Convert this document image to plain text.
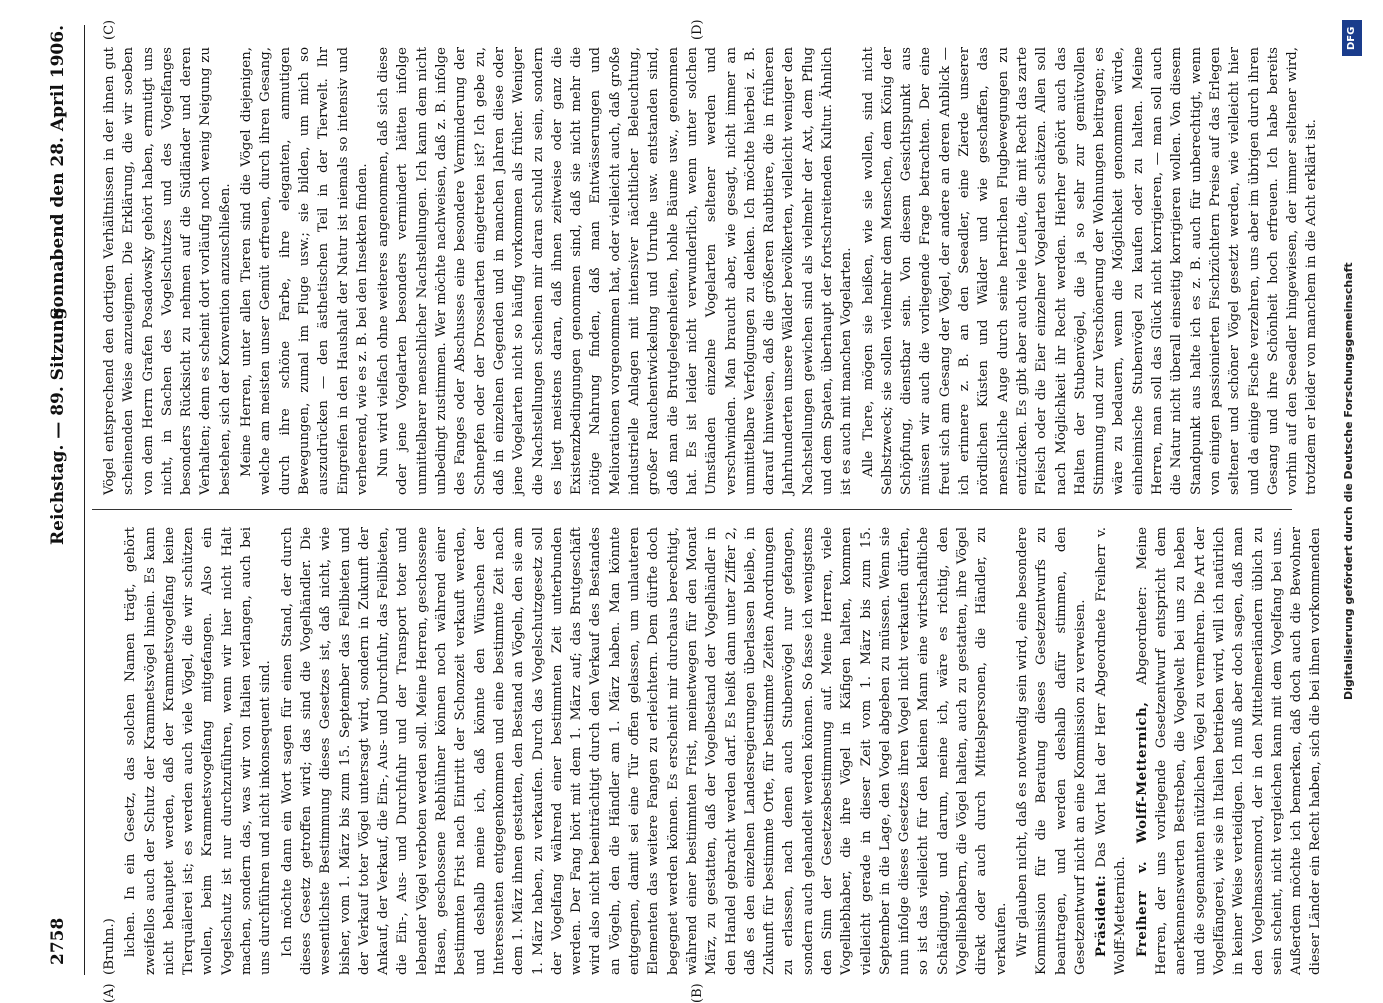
2758
Reichstag. — 89. Sitzung.
Sonnabend den 28. April 1906.
(A)	(B)
(C)	(D)

(Bruhn.) lichen. In ein Gesetz, das solchen Namen trägt, gehört zweifellos auch der Schutz der Krammetsvögel hinein. Es kann nicht behauptet werden, daß der Krammetsvogelfang keine Tierquälerei ist; es werden auch viele Vögel, die wir schützen wollen, beim Krammetsvogelfang mitgefangen. Also ein Vogelschutz ist nur durchzuführen, wenn wir hier nicht Halt machen, sondern das, was wir von Italien verlangen, auch bei uns durchführen und nicht inkonsequent sind. Ich möchte dann ein Wort sagen für einen Stand, der durch dieses Gesetz getroffen wird; das sind die Vogelhändler. Die wesentlichste Bestimmung dieses Gesetzes ist, daß nicht, wie bisher, vom 1. März bis zum 15. September das Feilbieten und der Verkauf toter Vögel untersagt wird, sondern in Zukunft der Ankauf, der Verkauf, die Ein-, Aus- und Durchfuhr, das Feilbieten, die Ein-, Aus- und Durchfuhr und der Transport toter und lebender Vögel verboten werden soll. Meine Herren, geschossene Hasen, geschossene Rebhühner können noch während einer bestimmten Frist nach Eintritt der Schonzeit verkauft werden, und deshalb meine ich, daß könnte den Wünschen der Interessenten entgegenkommen und eine bestimmte Zeit nach dem 1. März ihnen gestatten, den Bestand an Vögeln, den sie am 1. März haben, zu verkaufen. Durch das Vogelschutzgesetz soll der Vogelfang während einer bestimmten Zeit unterbunden werden. Der Fang hört mit dem 1. März auf; das Brutgeschäft wird also nicht beeinträchtigt durch den Verkauf des Bestandes an Vögeln, den die Händler am 1. März haben. Man könnte entgegnen, damit sei eine Tür offen gelassen, um unlauteren Elementen das weitere Fangen zu erleichtern. Dem dürfte doch begegnet werden können. Es erscheint mir durchaus berechtigt, während einer bestimmten Frist, meinetwegen für den Monat März, zu gestatten, daß der Vogelbestand der Vogelhändler in den Handel gebracht werden darf. Es heißt dann unter Ziffer 2, daß es den einzelnen Landesregierungen überlassen bleibe, in Zukunft für bestimmte Orte, für bestimmte Zeiten Anordnungen zu erlassen, nach denen auch Stubenvögel nur gefangen, sondern auch gehandelt werden können. So fasse ich wenigstens den Sinn der Gesetzesbestimmung auf. Meine Herren, viele Vogelliebhaber, die ihre Vögel in Käfigen halten, kommen vielleicht gerade in dieser Zeit vom 1. März bis zum 15. September in die Lage, den Vogel abgeben zu müssen. Wenn sie nun infolge dieses Gesetzes ihren Vogel nicht verkaufen dürfen, so ist das vielleicht für den kleinen Mann eine wirtschaftliche Schädigung, und darum, meine ich, wäre es richtig, den Vogelliebhabern, die Vögel halten, auch zu gestatten, ihre Vögel direkt oder auch durch Mittelspersonen, die Händler, zu verkaufen. Wir glauben nicht, daß es notwendig sein wird, eine besondere Kommission für die Beratung dieses Gesetzentwurfs zu beantragen, und werden deshalb dafür stimmen, den Gesetzentwurf nicht an eine Kommission zu verweisen. Präsident: Das Wort hat der Herr Abgeordnete Freiherr v. Wolff-Metternich. Freiherr v. Wolff-Metternich, Abgeordneter: Meine Herren, der uns vorliegende Gesetzentwurf entspricht dem anerkennenswerten Bestreben, die Vogelwelt bei uns zu heben und die sogenannten nützlichen Vögel zu vermehren. Die Art der Vogelfängerei, wie sie in Italien betrieben wird, will ich natürlich in keiner Weise verteidigen. Ich muß aber doch sagen, daß man den Vogelmassenmord, der in den Mittelmeerländern üblich zu sein scheint, nicht vergleichen kann mit dem Vogelfang bei uns. Außerdem möchte ich bemerken, daß doch auch die Bewohner dieser Länder ein Recht haben, sich die bei ihnen vorkommenden

Vögel entsprechend den dortigen Verhältnissen in der ihnen gut scheinenden Weise anzueignen. Die Erklärung, die wir soeben von dem Herrn Grafen Posadowsky gehört haben, ermutigt uns nicht, in Sachen des Vogelschutzes und des Vogelfanges besonders Rücksicht zu nehmen auf die Südländer und deren Verhalten; denn es scheint dort vorläufig noch wenig Neigung zu bestehen, sich der Konvention anzuschließen. Meine Herren, unter allen Tieren sind die Vögel diejenigen, welche am meisten unser Gemüt erfreuen, durch ihren Gesang, durch ihre schöne Farbe, ihre eleganten, anmutigen Bewegungen, zumal im Fluge usw.; sie bilden, um mich so auszudrücken — den ästhetischen Teil in der Tierwelt. Ihr Eingreifen in den Haushalt der Natur ist niemals so intensiv und verheerend, wie es z. B. bei den Insekten finden. Nun wird vielfach ohne weiteres angenommen, daß sich diese oder jene Vogelarten besonders vermindert hätten infolge unmittelbarer menschlicher Nachstellungen. Ich kann dem nicht unbedingt zustimmen. Wer möchte nachweisen, daß z. B. infolge des Fanges oder Abschusses eine besondere Verminderung der Schnepfen oder der Drosselarten eingetreten ist? Ich gebe zu, daß in einzelnen Gegenden und in manchen Jahren diese oder jene Vogelarten nicht so häufig vorkommen als früher. Weniger die Nachstellungen scheinen mir daran schuld zu sein, sondern es liegt meistens daran, daß ihnen zeitweise oder ganz die Existenzbedingungen genommen sind, daß sie nicht mehr die nötige Nahrung finden, daß man Entwässerungen und Meliorationen vorgenommen hat, oder vielleicht auch, daß große industrielle Anlagen mit intensiver nächtlicher Beleuchtung, großer Rauchentwickelung und Unruhe usw. entstanden sind, daß man die Brutgelegenheiten, hohle Bäume usw., genommen hat. Es ist leider nicht verwunderlich, wenn unter solchen Umständen einzelne Vogelarten seltener werden und verschwinden. Man braucht aber, wie gesagt, nicht immer an unmittelbare Verfolgungen zu denken. Ich möchte hierbei z. B. darauf hinweisen, daß die größeren Raubtiere, die in früheren Jahrhunderten unsere Wälder bevölkerten, vielleicht weniger den Nachstellungen gewichen sind als vielmehr der Axt, dem Pflug und dem Spaten, überhaupt der fortschreitenden Kultur. Ähnlich ist es auch mit manchen Vogelarten. Alle Tiere, mögen sie heißen, wie sie wollen, sind nicht Selbstzweck; sie sollen vielmehr dem Menschen, dem König der Schöpfung, dienstbar sein. Von diesem Gesichtspunkt aus müssen wir auch die vorliegende Frage betrachten. Der eine freut sich am Gesang der Vögel, der andere an deren Anblick — ich erinnere z. B. an den Seeadler, eine Zierde unserer nördlichen Küsten und Wälder und wie geschaffen, das menschliche Auge durch seine herrlichen Flugbewegungen zu entzücken. Es gibt aber auch viele Leute, die mit Recht das zarte Fleisch oder die Eier einzelner Vogelarten schätzen. Allen soll nach Möglichkeit ihr Recht werden. Hierher gehört auch das Halten der Stubenvögel, die ja so sehr zur gemütvollen Stimmung und zur Verschönerung der Wohnungen beitragen; es wäre zu bedauern, wenn die Möglichkeit genommen würde, einheimische Stubenvögel zu kaufen oder zu halten. Meine Herren, man soll das Glück nicht korrigieren, — man soll auch die Natur nicht überall einseitig korrigieren wollen. Von diesem Standpunkt aus halte ich es z. B. auch für unberechtigt, wenn von einigen passionierten Fischzüchtern Preise auf das Erlegen seltener und schöner Vögel gesetzt werden, wie vielleicht hier und da einige Fische verzehren, uns aber im übrigen durch ihren Gesang und ihre Schönheit hoch erfreuen. Ich habe bereits vorhin auf den Seeadler hingewiesen, der immer seltener wird, trotzdem er leider von manchem in die Acht erklärt ist.

DFG
Digitalisierung gefördert durch die Deutsche Forschungsgemeinschaft
